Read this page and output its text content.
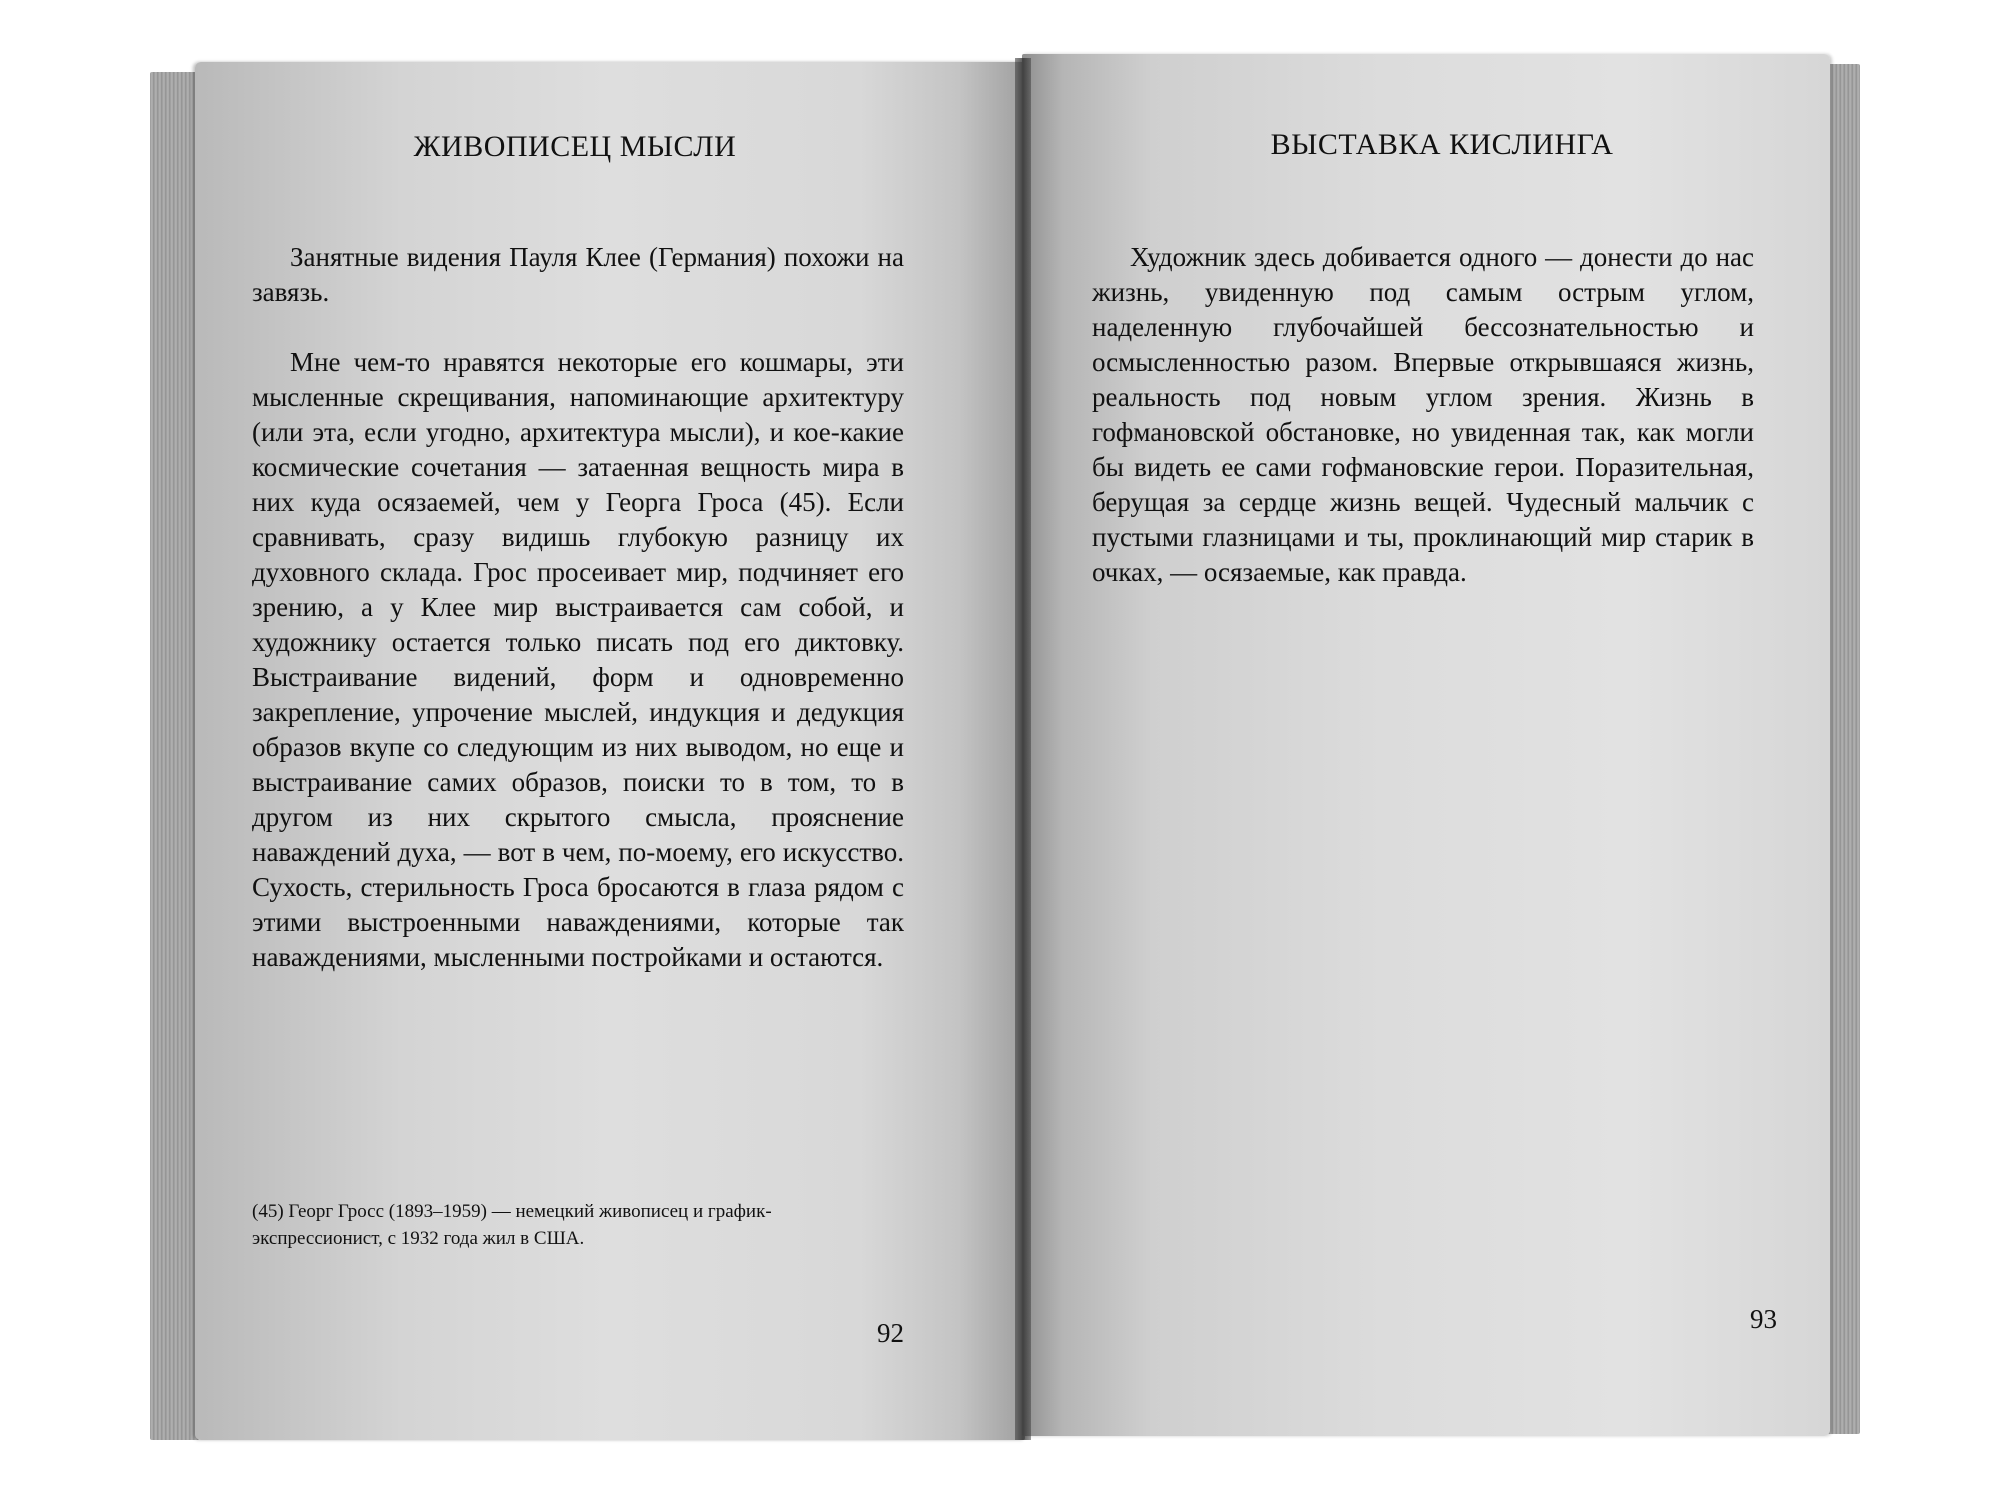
ЖИВОПИСЕЦ МЫСЛИ

Занятные видения Пауля Клее (Германия) похожи на завязь.

Мне чем-то нравятся некоторые его кошмары, эти мысленные скрещивания, напоминающие архитектуру (или эта, если угодно, архитектура мысли), и кое-какие космические сочетания — затаенная вещность мира в них куда осязаемей, чем у Георга Гроса (45). Если сравнивать, сразу видишь глубокую разницу их духовного склада. Грос просеивает мир, подчиняет его зрению, а у Клее мир выстраивается сам собой, и художнику остается только писать под его диктовку. Выстраивание видений, форм и одновременно закрепление, упрочение мыслей, индукция и дедукция образов вкупе со следующим из них выводом, но еще и выстраивание самих образов, поиски то в том, то в другом из них скрытого смысла, прояснение наваждений духа, — вот в чем, по-моему, его искусство. Сухость, стерильность Гроса бросаются в глаза рядом с этими выстроенными наваждениями, которые так наваждениями, мысленными постройками и остаются.

(45) Георг Гросс (1893–1959) — немецкий живописец и график-экспрессионист, с 1932 года жил в США.
92
ВЫСТАВКА КИСЛИНГА

Художник здесь добивается одного — донести до нас жизнь, увиденную под самым острым углом, наделенную глубочайшей бессознательностью и осмысленностью разом. Впервые открывшаяся жизнь, реальность под новым углом зрения. Жизнь в гофмановской обстановке, но увиденная так, как могли бы видеть ее сами гофмановские герои. Поразительная, берущая за сердце жизнь вещей. Чудесный мальчик с пустыми глазницами и ты, проклинающий мир старик в очках, — осязаемые, как правда.

93
